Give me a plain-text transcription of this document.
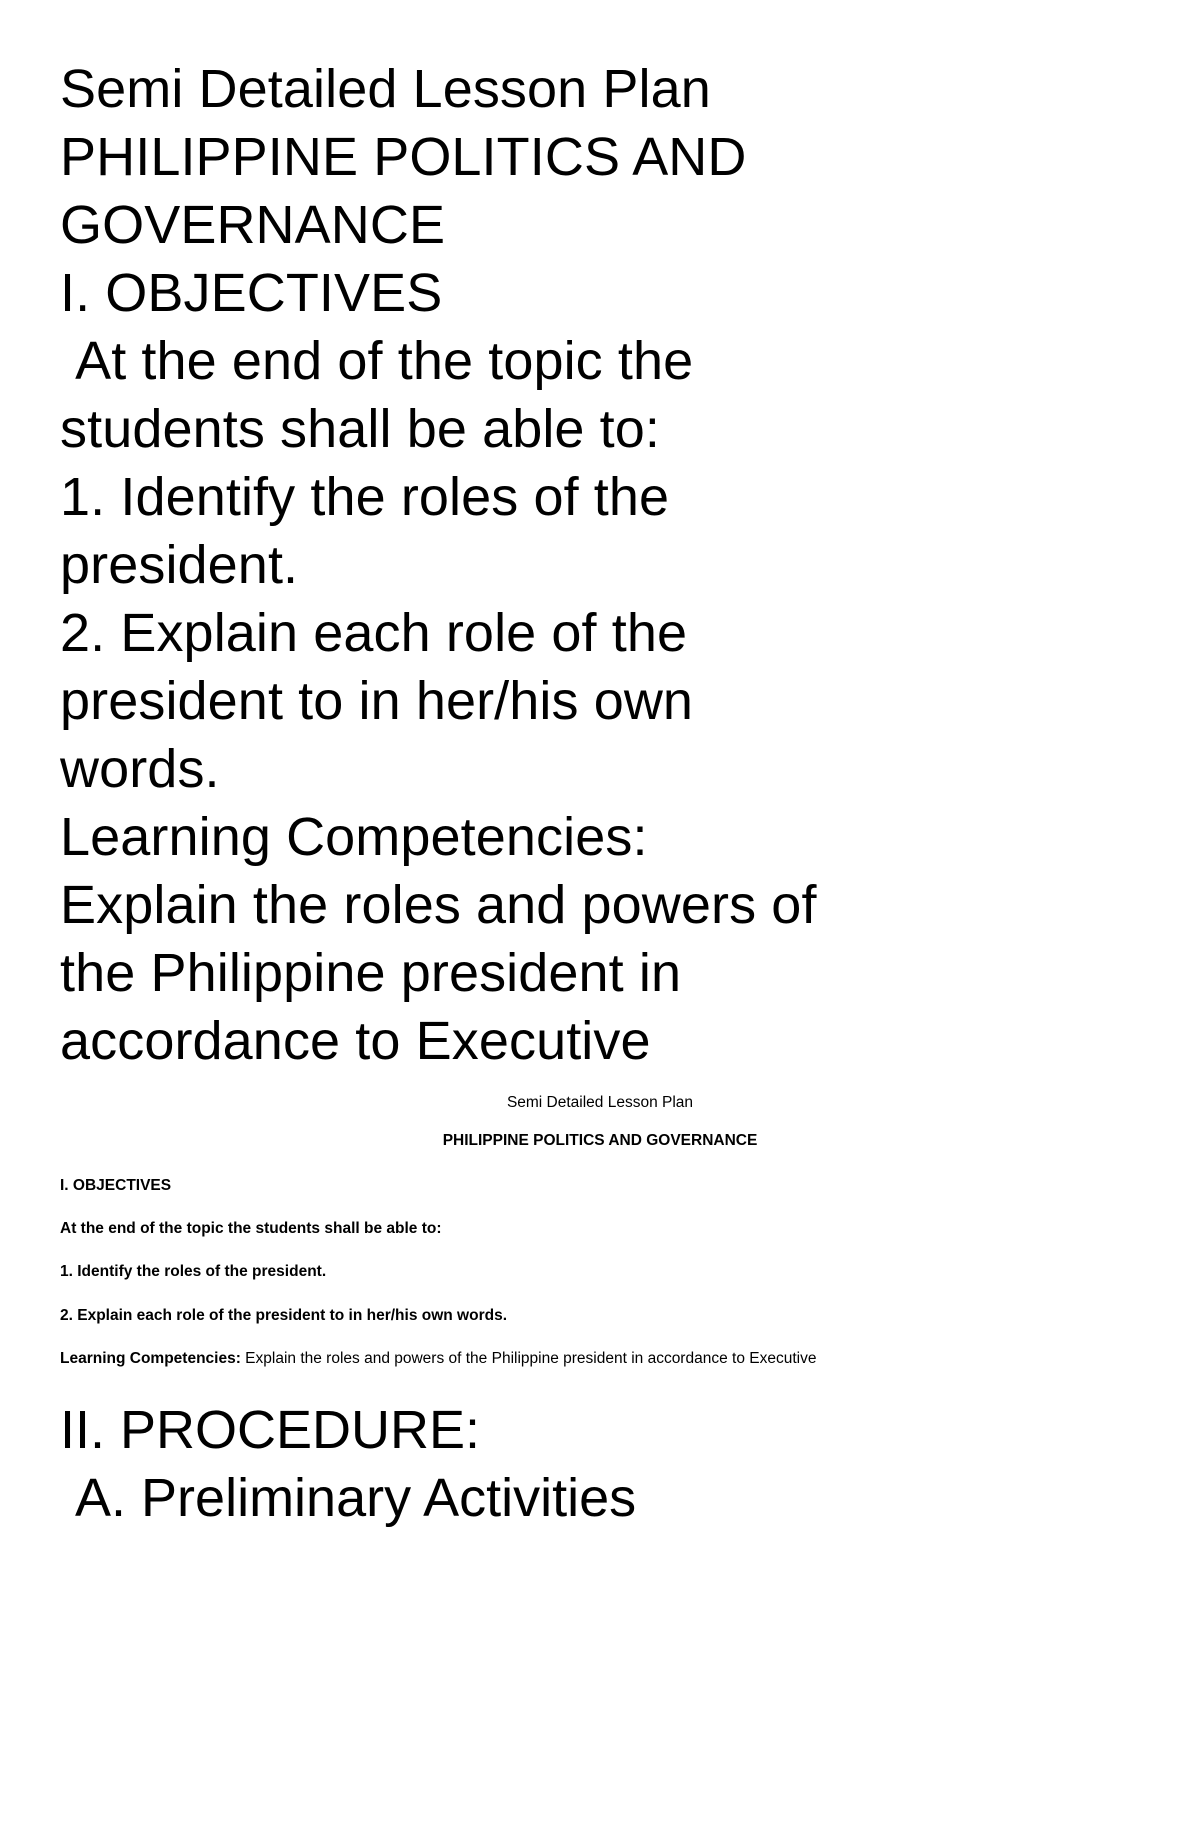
Semi Detailed Lesson Plan
PHILIPPINE POLITICS AND
GOVERNANCE
I. OBJECTIVES
At the end of the topic the
students shall be able to:
1. Identify the roles of the
president.
2. Explain each role of the
president to in her/his own
words.
Learning Competencies:
Explain the roles and powers of
the Philippine president in
accordance to Executive

Semi Detailed Lesson Plan

PHILIPPINE POLITICS AND GOVERNANCE

I. OBJECTIVES

At the end of the topic the students shall be able to:

1. Identify the roles of the president.

2. Explain each role of the president to in her/his own words.

Learning Competencies: Explain the roles and powers of the Philippine president in accordance to Executive

II. PROCEDURE:
A. Preliminary Activities
